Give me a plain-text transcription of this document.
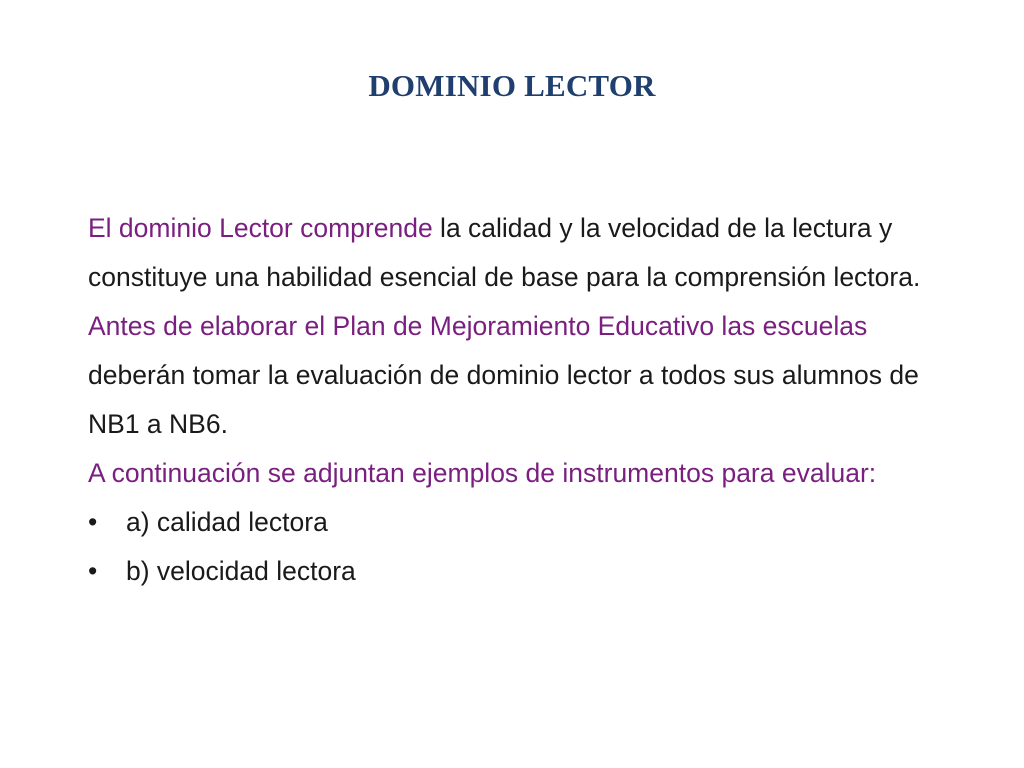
DOMINIO LECTOR

El dominio Lector comprende la calidad y la velocidad de la lectura y constituye una habilidad esencial de base para la comprensión lectora.

Antes de elaborar el Plan de Mejoramiento Educativo las escuelas deberán tomar la evaluación de dominio lector a todos sus alumnos de NB1 a NB6.

A continuación se adjuntan ejemplos de instrumentos para evaluar:

• a) calidad lectora
• b) velocidad lectora
